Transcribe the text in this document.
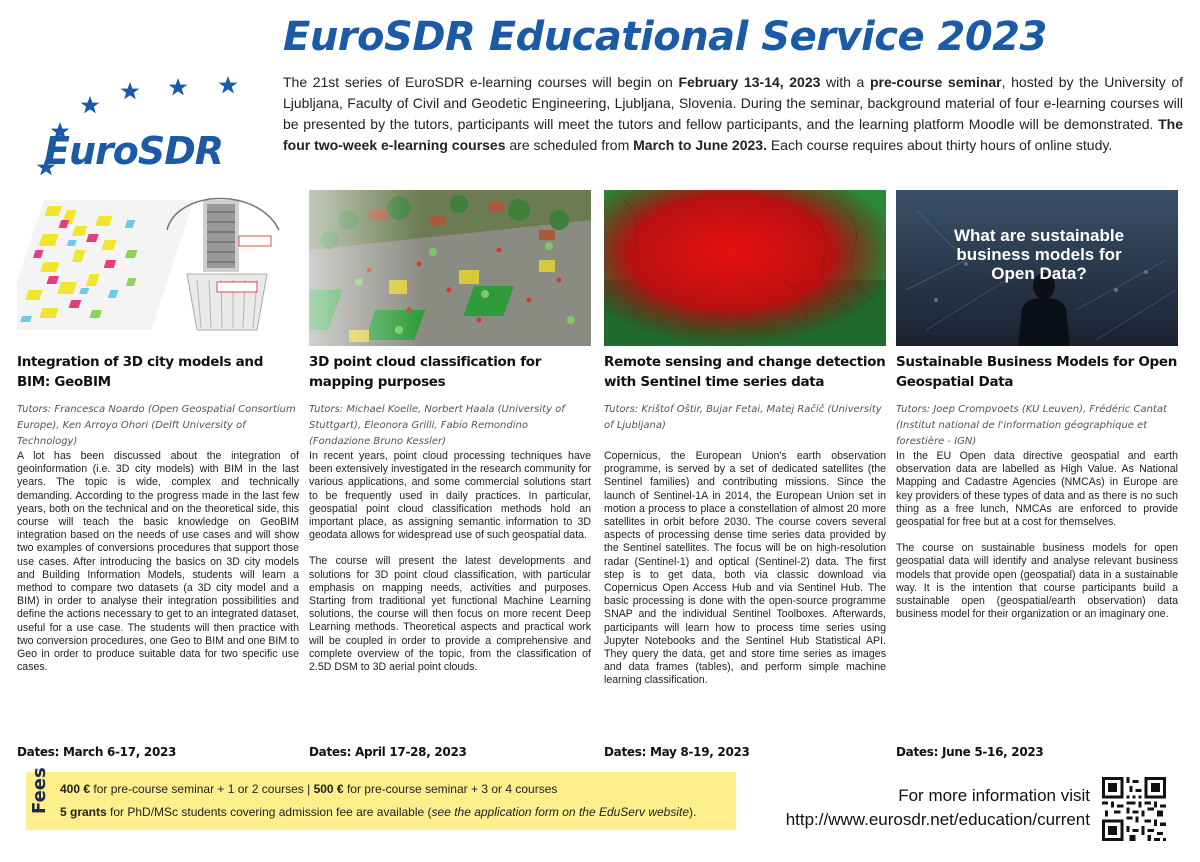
EuroSDR Educational Service 2023
EuroSDR
The 21st series of EuroSDR e-learning courses will begin on February 13-14, 2023 with a pre-course seminar, hosted by the University of Ljubljana, Faculty of Civil and Geodetic Engineering, Ljubljana, Slovenia. During the seminar, background material of four e-learning courses will be presented by the tutors, participants will meet the tutors and fellow participants, and the learning platform Moodle will be demonstrated. The four two-week e-learning courses are scheduled from March to June 2023. Each course requires about thirty hours of online study.
Integration of 3D city models and BIM: GeoBIM
Tutors: Francesca Noardo (Open Geospatial Consortium Europe), Ken Arroyo Ohori (Delft University of Technology)
A lot has been discussed about the integration of geoinformation (i.e. 3D city models) with BIM in the last years. The topic is wide, complex and technically demanding. According to the progress made in the last few years, both on the technical and on the theoretical side, this course will teach the basic knowledge on GeoBIM integration based on the needs of use cases and will show two examples of conversions procedures that support those use cases. After introducing the basics on 3D city models and Building Information Models, students will learn a method to compare two datasets (a 3D city model and a BIM) in order to analyse their integration possibilities and define the actions necessary to get to an integrated dataset, useful for a use case. The students will then practice with two conversion procedures, one Geo to BIM and one BIM to Geo in order to produce suitable data for two specific use cases.
Dates: March 6-17, 2023
3D point cloud classification for mapping purposes
Tutors: Michael Koelle, Norbert Haala (University of Stuttgart), Eleonora Grilli, Fabio Remondino (Fondazione Bruno Kessler)
In recent years, point cloud processing techniques have been extensively investigated in the research community for various applications, and some commercial solutions start to be frequently used in daily practices. In particular, geospatial point cloud classification methods hold an important place, as assigning semantic information to 3D geodata allows for widespread use of such geospatial data.
The course will present the latest developments and solutions for 3D point cloud classification, with particular emphasis on mapping needs, activities and purposes. Starting from traditional yet functional Machine Learning solutions, the course will then focus on more recent Deep Learning methods. Theoretical aspects and practical work will be coupled in order to provide a comprehensive and complete overview of the topic, from the classification of 2.5D DSM to 3D aerial point clouds.
Dates: April 17-28, 2023
Remote sensing and change detection with Sentinel time series data
Tutors: Krištof Oštir, Bujar Fetai, Matej Račič (University of Ljubljana)
Copernicus, the European Union's earth observation programme, is served by a set of dedicated satellites (the Sentinel families) and contributing missions. Since the launch of Sentinel-1A in 2014, the European Union set in motion a process to place a constellation of almost 20 more satellites in orbit before 2030. The course covers several aspects of processing dense time series data provided by the Sentinel satellites. The focus will be on high-resolution radar (Sentinel-1) and optical (Sentinel-2) data. The first step is to get data, both via classic download via Copernicus Open Access Hub and via Sentinel Hub. The basic processing is done with the open-source programme SNAP and the individual Sentinel Toolboxes. Afterwards, participants will learn how to process time series using Jupyter Notebooks and the Sentinel Hub Statistical API. They query the data, get and store time series as images and data frames (tables), and perform simple machine learning classification.
Dates: May 8-19, 2023
What are sustainable business models for Open Data?
Sustainable Business Models for Open Geospatial Data
Tutors: Joep Crompvoets (KU Leuven), Frédéric Cantat (Institut national de l'information géographique et forestière - IGN)
In the EU Open data directive geospatial and earth observation data are labelled as High Value. As National Mapping and Cadastre Agencies (NMCAs) in Europe are key providers of these types of data and as there is no such thing as a free lunch, NMCAs are enforced to provide geospatial for free but at a cost for themselves.
The course on sustainable business models for open geospatial data will identify and analyse relevant business models that provide open (geospatial) data in a sustainable way. It is the intention that course participants build a sustainable open (geospatial/earth observation) data business model for their organization or an imaginary one.
Dates: June 5-16, 2023
Fees 400 € for pre-course seminar + 1 or 2 courses | 500 € for pre-course seminar + 3 or 4 courses
5 grants for PhD/MSc students covering admission fee are available (see the application form on the EduServ website).
For more information visit
http://www.eurosdr.net/education/current
